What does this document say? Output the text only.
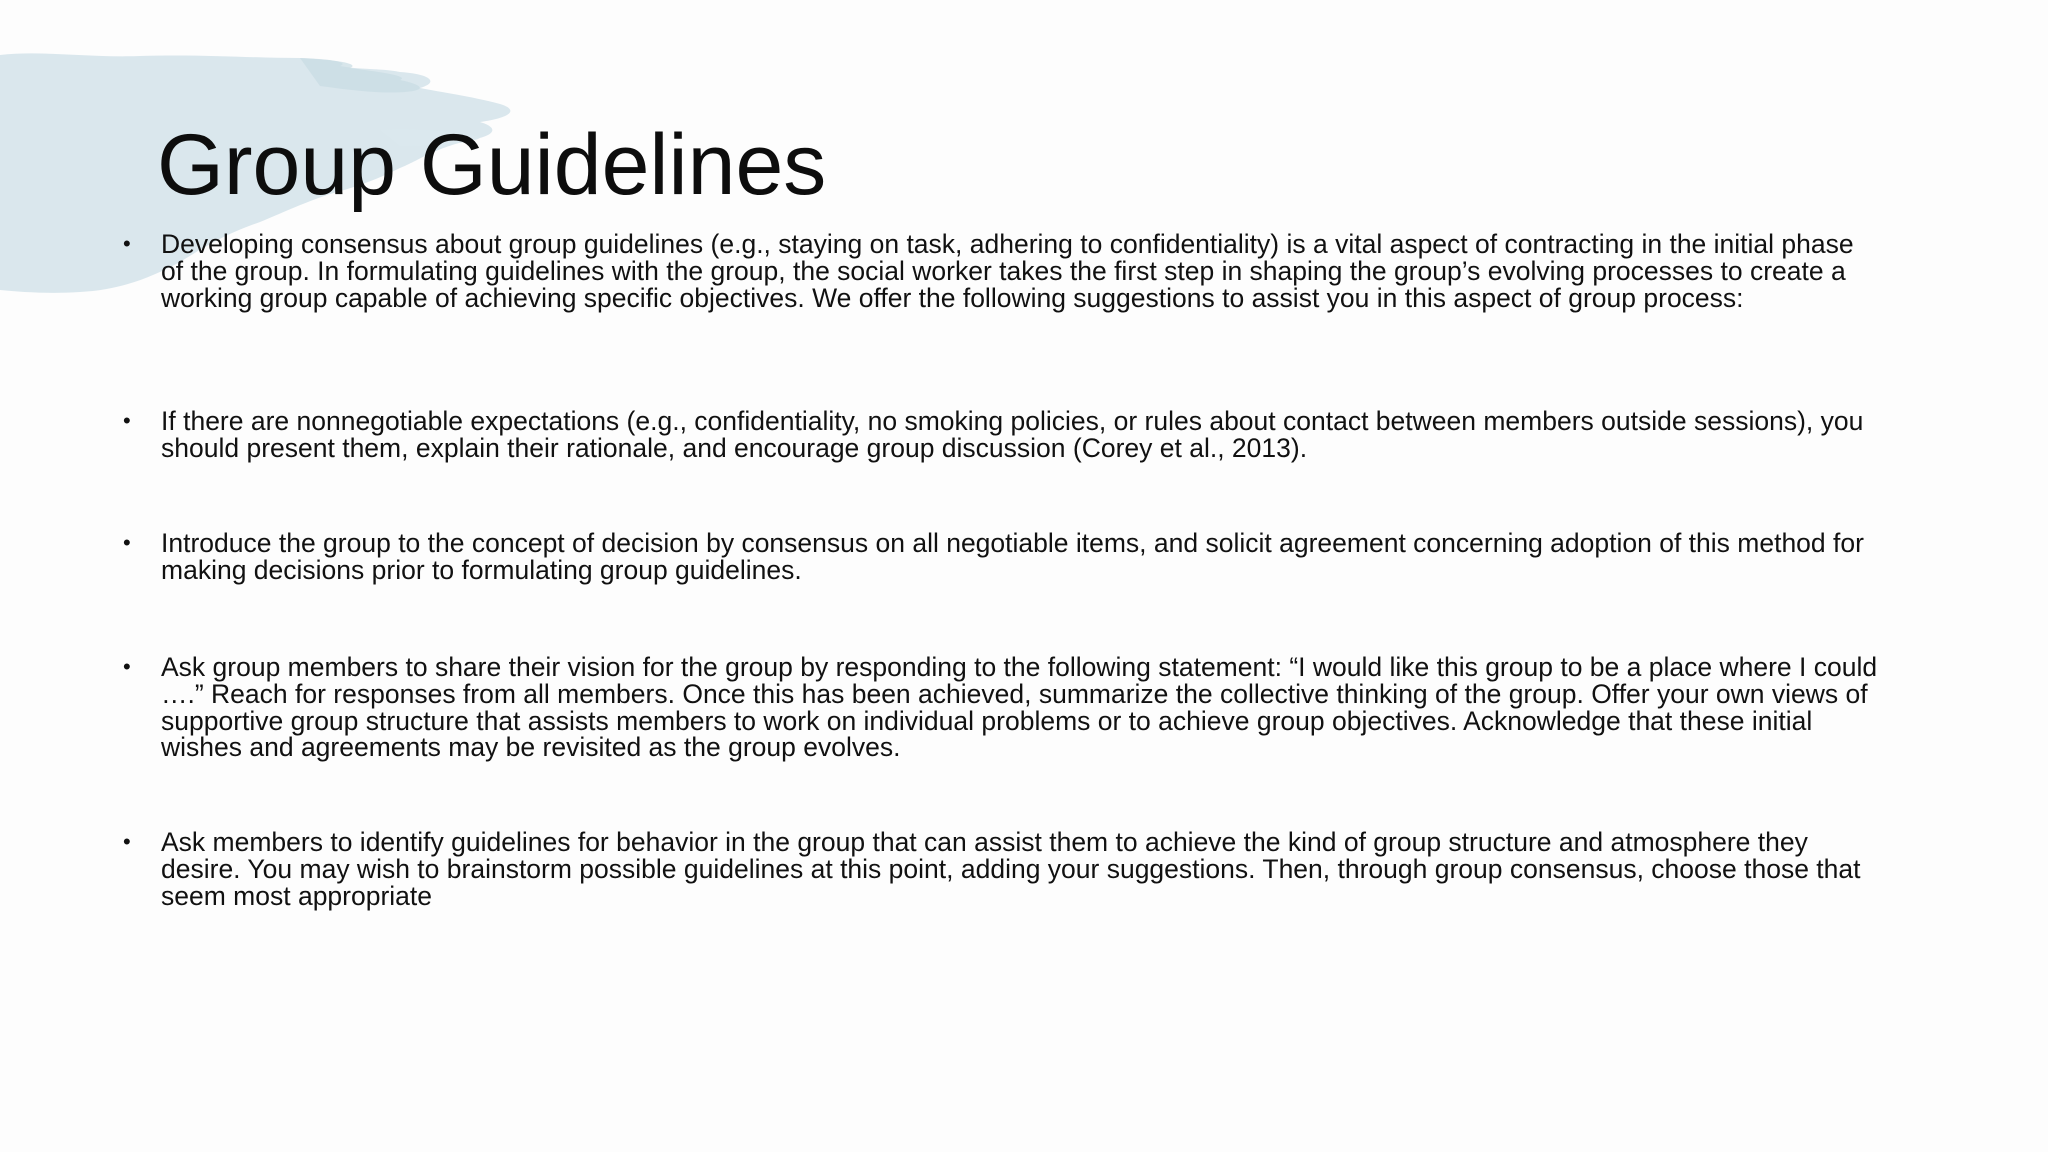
Group Guidelines
• Developing consensus about group guidelines (e.g., staying on task, adhering to confidentiality) is a vital aspect of contracting in the initial phase of the group. In formulating guidelines with the group, the social worker takes the first step in shaping the group’s evolving processes to create a working group capable of achieving specific objectives. We offer the following suggestions to assist you in this aspect of group process:
• If there are nonnegotiable expectations (e.g., confidentiality, no smoking policies, or rules about contact between members outside sessions), you should present them, explain their rationale, and encourage group discussion (Corey et al., 2013).
• Introduce the group to the concept of decision by consensus on all negotiable items, and solicit agreement concerning adoption of this method for making decisions prior to formulating group guidelines.
• Ask group members to share their vision for the group by responding to the following statement: “I would like this group to be a place where I could ….” Reach for responses from all members. Once this has been achieved, summarize the collective thinking of the group. Offer your own views of supportive group structure that assists members to work on individual problems or to achieve group objectives. Acknowledge that these initial wishes and agreements may be revisited as the group evolves.
• Ask members to identify guidelines for behavior in the group that can assist them to achieve the kind of group structure and atmosphere they desire. You may wish to brainstorm possible guidelines at this point, adding your suggestions. Then, through group consensus, choose those that seem most appropriate
